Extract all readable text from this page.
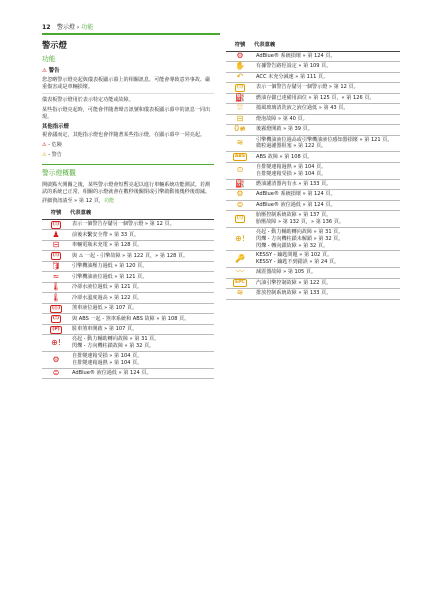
12 警示燈 › 功能
警示燈
功能
⚠ 警告
您忽略警示燈亮起與儀表板顯示幕上的相關訊息，可能會導致意外事故、嚴重傷害或是車輛損壞。
儀表板警示燈用於表示特定功能或故障。
某些指示燈亮起時，可能會伴隨著聲音訊號和儀表板顯示幕中的訊息一同出現。
其他指示燈
視會議而定，其他指示燈也會伴隨著某些指示燈，在顯示幕中一同亮起。
⚠ - 危險
⚠ - 警告
警示燈概觀
開啟點火開關之後，某些警示燈會短暫亮起以進行車輛系統功能測試。若測試的系統已正常，相關的示燈就會在數秒後關閉或引擎啟動後幾秒後熄滅。
詳細資訊請至 » 第 12 頁，功能
符號	代表意義
(!)	表示一個警告存儲另一個警示燈 » 第 12 頁。

♟	前後未繫安全帶 » 第 33 頁。

⊟	車輛電瓶未充電 » 第 128 頁。

(!)	與 ⚠ 一起 - 引擎故障 » 第 122 頁，» 第 128 頁。

🛢	引擎機油壓力過低 » 第 120 頁。

≈	引擎機油液位過低 » 第 121 頁。

🌡	冷卻水液位過低 » 第 121 頁。

🌡	冷卻水溫度過高 » 第 122 頁。

(◎)	煞車液位過低 » 第 107 頁。

(!)	與 ABS 一起 - 煞車系統和 ABS 故障 » 第 108 頁。

(P)	駐車煞車開啟 » 第 107 頁。

⊕!	亮起 - 動力輔助轉向故障 » 第 31 頁。
閃爍 - 方向機柱鎖故障 » 第 32 頁。

⚙	自排變速箱受損 » 第 104 頁。
自排變速箱過熱 » 第 104 頁。

⊜	AdBlue® 液位過低 » 第 124 頁。
符號	代表意義
⚙	AdBlue® 系統損壞 » 第 124 頁。

✋	有據警告路徑設定 » 第 109 頁。

↶	ACC 未充分減速 » 第 111 頁。

(!)	表示一個警告存儲另一個警示燈 » 第 12 頁。

⛽	燃油存儲已達備用油位 » 第 125 頁，» 第 126 頁。

⛆	擋風玻璃清洗液之液位過低 » 第 43 頁。

⊟	燈泡故障 » 第 40 頁。

0≢	後霧燈開啟 » 第 39 頁。

≋	引擎機油液位過高或引擎機油液位感知器損壞 » 第 121 頁。
微粒過濾器阻塞 » 第 122 頁。

ABS	ABS 故障 » 第 108 頁。

⊙	自排變速箱過熱 » 第 104 頁。
自排變速箱受損 » 第 104 頁。

⛽	燃油濾清器內有水 » 第 133 頁。

⚙	AdBlue® 系統損壞 » 第 124 頁。

⊜	AdBlue® 液位過低 » 第 124 頁。

(!)	胎壓控制系統故障 » 第 137 頁。
胎壓故障 » 第 132 頁，» 第 136 頁。

⊕!	亮起 - 動力輔助轉向故障 » 第 31 頁。
閃爍 - 方向機柱鎖未解鎖 » 第 32 頁。
閃爍 - 轉向鎖故障 » 第 32 頁。

🔑	KESSY - 鑰匙問題 » 第 102 頁。
KESSY - 鑰匙不到錯誤 » 第 24 頁。

〰	減震器故障 » 第 105 頁。

EPC	汽油引擎控制故障 » 第 122 頁。

≋	排放控制系統故障 » 第 133 頁。
